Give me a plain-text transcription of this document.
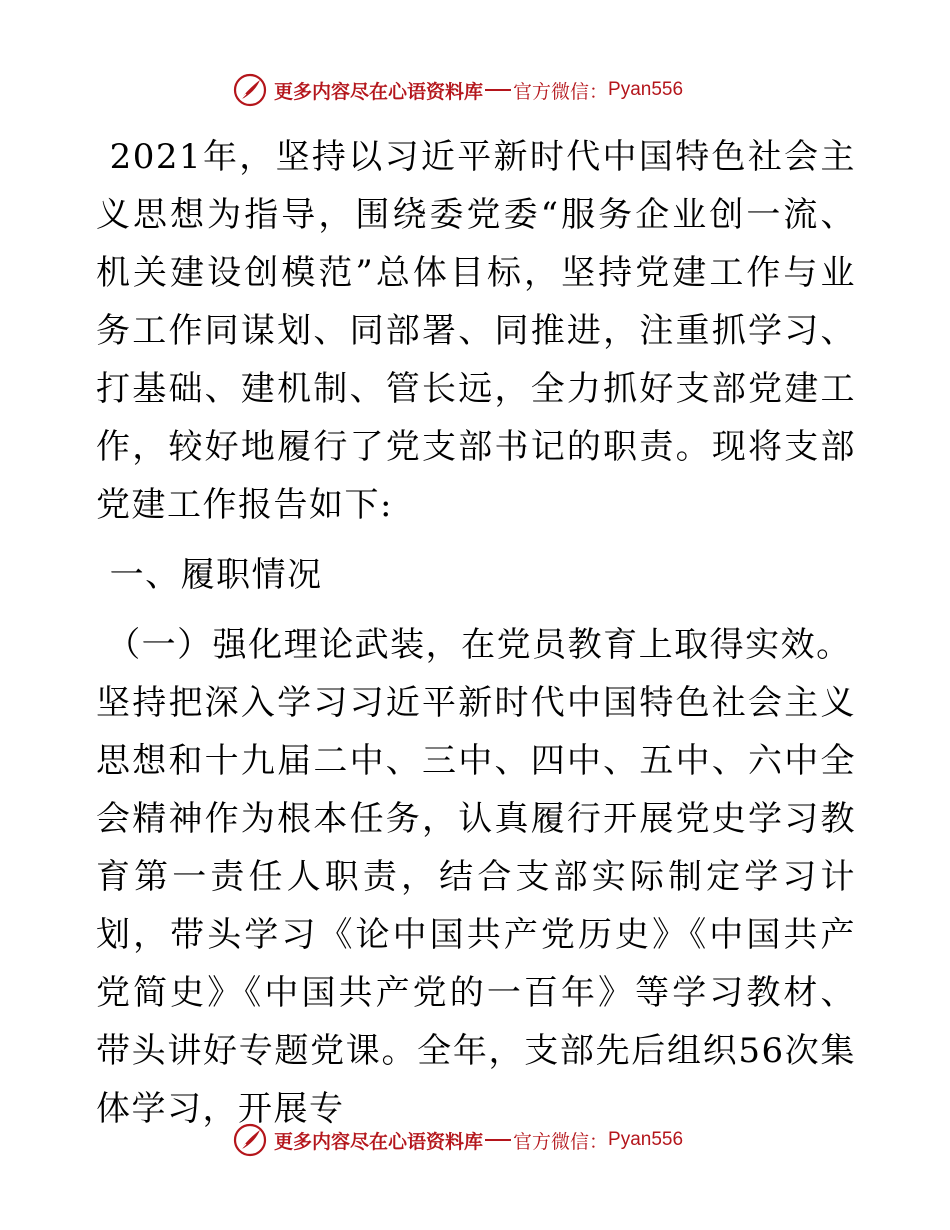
更多内容尽在心语资料库 官方微信： Pyan556

2021年，坚持以习近平新时代中国特色社会主义思想为指导，围绕委党委“服务企业创一流、机关建设创模范”总体目标，坚持党建工作与业务工作同谋划、同部署、同推进，注重抓学习、打基础、建机制、管长远，全力抓好支部党建工作，较好地履行了党支部书记的职责。现将支部党建工作报告如下:

一、履职情况

（一）强化理论武装，在党员教育上取得实效。

坚持把深入学习习近平新时代中国特色社会主义思想和十九届二中、三中、四中、五中、六中全会精神作为根本任务，认真履行开展党史学习教育第一责任人职责，结合支部实际制定学习计划，带头学习《论中国共产党历史》《中国共产党简史》《中国共产党的一百年》等学习教材、带头讲好专题党课。全年，支部先后组织56次集体学习，开展专

更多内容尽在心语资料库 官方微信： Pyan556
